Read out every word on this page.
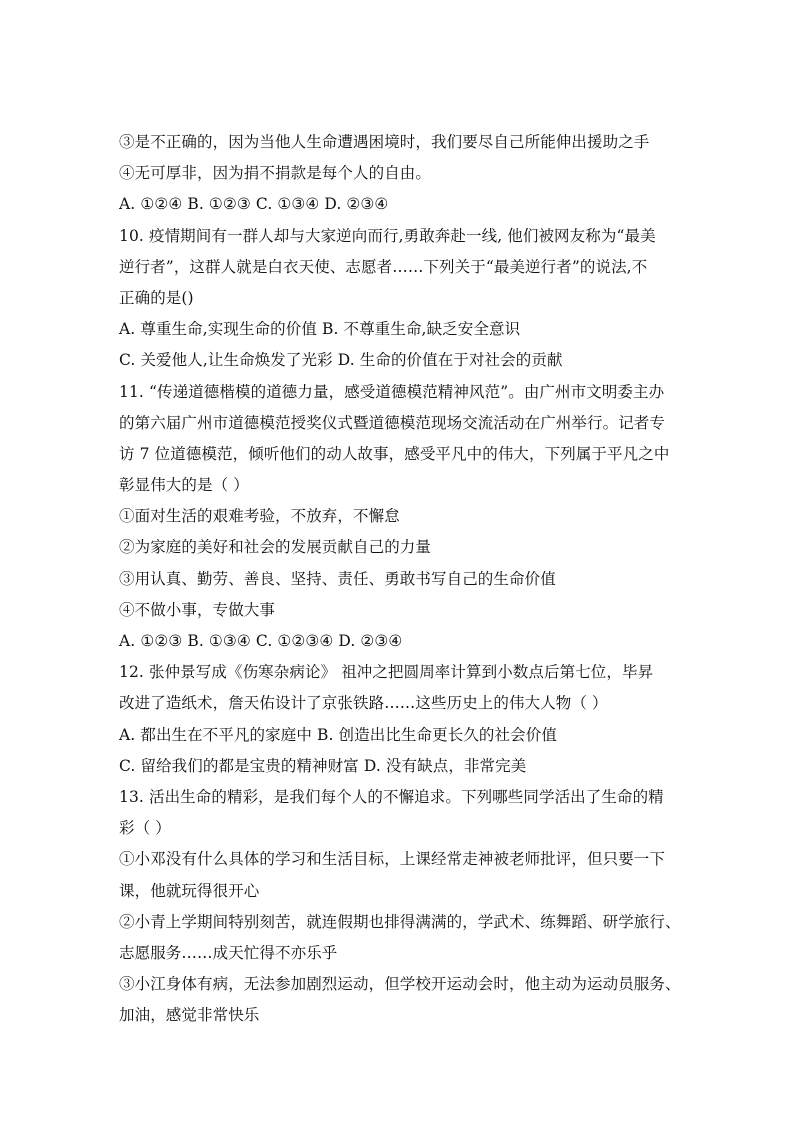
③是不正确的，因为当他人生命遭遇困境时，我们要尽自己所能伸出援助之手
④无可厚非，因为捐不捐款是每个人的自由。
A. ①②④ B. ①②③ C. ①③④ D. ②③④
10. 疫情期间有一群人却与大家逆向而行,勇敢奔赴一线, 他们被网友称为“最美
逆行者”，这群人就是白衣天使、志愿者……下列关于“最美逆行者”的说法,不
正确的是()
A. 尊重生命,实现生命的价值 B. 不尊重生命,缺乏安全意识
C. 关爱他人,让生命焕发了光彩 D. 生命的价值在于对社会的贡献
11. “传递道德楷模的道德力量，感受道德模范精神风范”。由广州市文明委主办
的第六届广州市道德模范授奖仪式暨道德模范现场交流活动在广州举行。记者专
访 7 位道德模范，倾听他们的动人故事，感受平凡中的伟大，下列属于平凡之中
彰显伟大的是（ ）
①面对生活的艰难考验，不放弃，不懈怠
②为家庭的美好和社会的发展贡献自己的力量
③用认真、勤劳、善良、坚持、责任、勇敢书写自己的生命价值
④不做小事，专做大事
A. ①②③ B. ①③④ C. ①②③④ D. ②③④
12. 张仲景写成《伤寒杂病论》 祖冲之把圆周率计算到小数点后第七位，毕昇
改进了造纸术，詹天佑设计了京张铁路……这些历史上的伟大人物（ ）
A. 都出生在不平凡的家庭中 B. 创造出比生命更长久的社会价值
C. 留给我们的都是宝贵的精神财富 D. 没有缺点，非常完美
13. 活出生命的精彩，是我们每个人的不懈追求。下列哪些同学活出了生命的精
彩（ ）
①小邓没有什么具体的学习和生活目标，上课经常走神被老师批评，但只要一下
课，他就玩得很开心
②小青上学期间特别刻苦，就连假期也排得满满的，学武术、练舞蹈、研学旅行、
志愿服务……成天忙得不亦乐乎
③小江身体有病，无法参加剧烈运动，但学校开运动会时，他主动为运动员服务、
加油，感觉非常快乐
